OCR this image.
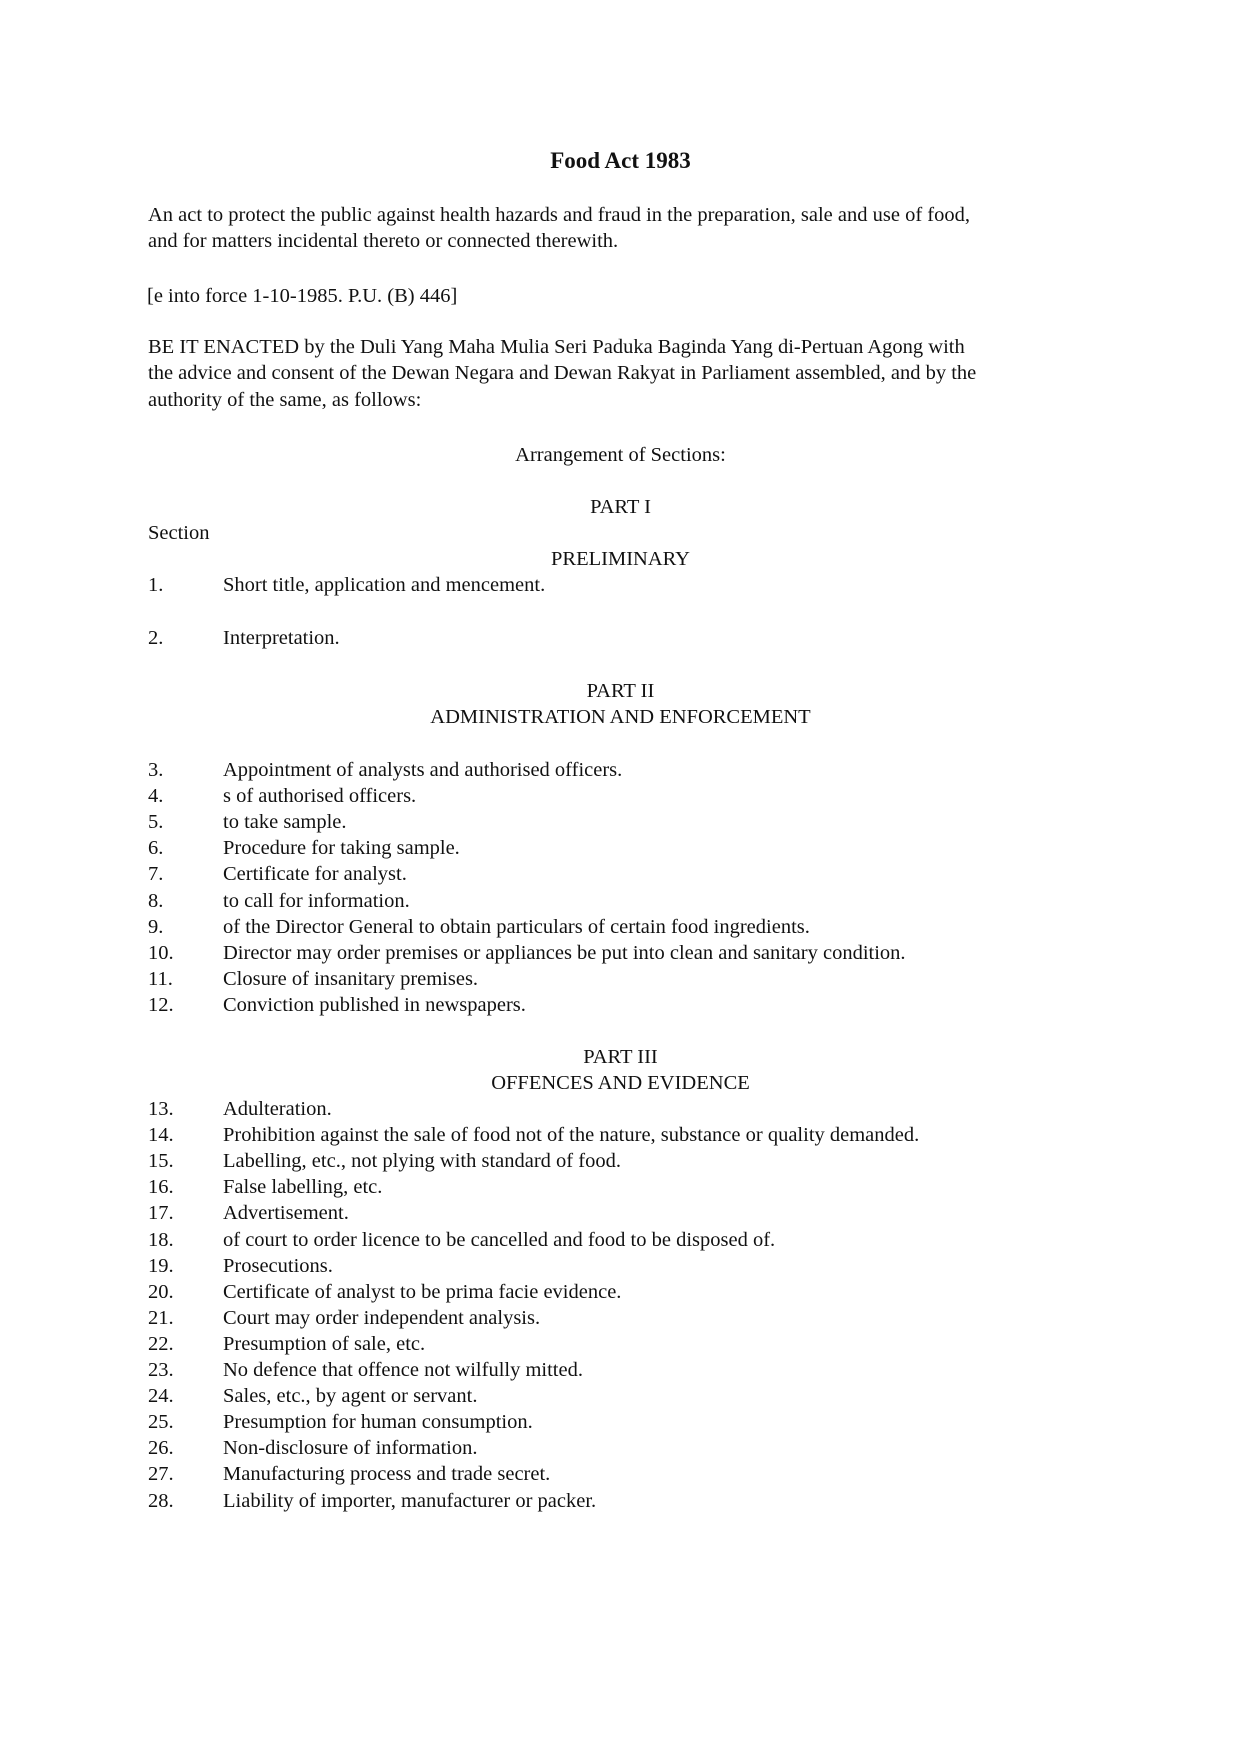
Food Act 1983
An act to protect the public against health hazards and fraud in the preparation, sale and use of food,
and for matters incidental thereto or connected therewith.
[e into force 1-10-1985. P.U. (B) 446]
BE IT ENACTED by the Duli Yang Maha Mulia Seri Paduka Baginda Yang di-Pertuan Agong with
the advice and consent of the Dewan Negara and Dewan Rakyat in Parliament assembled, and by the
authority of the same, as follows:
Arrangement of Sections:
PART I
Section
PRELIMINARY
1.	Short title, application and mencement.
2.	Interpretation.
PART II
ADMINISTRATION AND ENFORCEMENT
3.	Appointment of analysts and authorised officers.
4.	s of authorised officers.
5.	to take sample.
6.	Procedure for taking sample.
7.	Certificate for analyst.
8.	to call for information.
9.	of the Director General to obtain particulars of certain food ingredients.
10. Director may order premises or appliances be put into clean and sanitary condition.
11. Closure of insanitary premises.
12. Conviction published in newspapers.
PART III
OFFENCES AND EVIDENCE
13. Adulteration.
14. Prohibition against the sale of food not of the nature, substance or quality demanded.
15. Labelling, etc., not plying with standard of food.
16. False labelling, etc.
17. Advertisement.
18.of court to order licence to be cancelled and food to be disposed of.
19. Prosecutions.
20. Certificate of analyst to be prima facie evidence.
21. Court may order independent analysis.
22. Presumption of sale, etc.
23. No defence that offence not wilfully mitted.
24. Sales, etc., by agent or servant.
25. Presumption for human consumption.
26. Non-disclosure of information.
27. Manufacturing process and trade secret.
28. Liability of importer, manufacturer or packer.
